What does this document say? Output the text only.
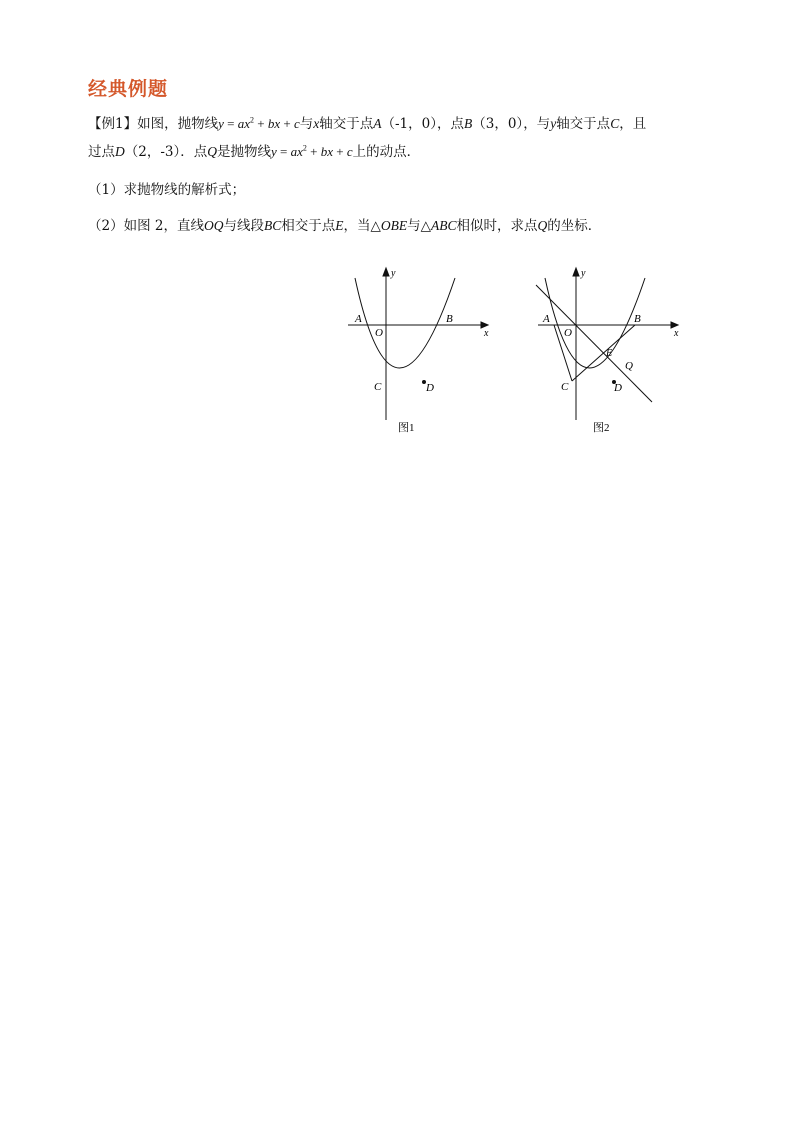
经典例题
【例1】如图，抛物线$y = ax^2$ + bx + c与x轴交于点A（-1，0），点B（3，0），与y轴交于点C，且
过点D（2，-3）．点Q是抛物线$y = ax^2$ + bx + c上的动点．
（1）求抛物线的解析式；
（2）如图 2，直线OQ与线段BC相交于点E，当△OBE与△ABC相似时，求点Q的坐标．
y
x
A
O
B
C	D
图1
y
x
A
O
B
C	D
E
Q
图2
